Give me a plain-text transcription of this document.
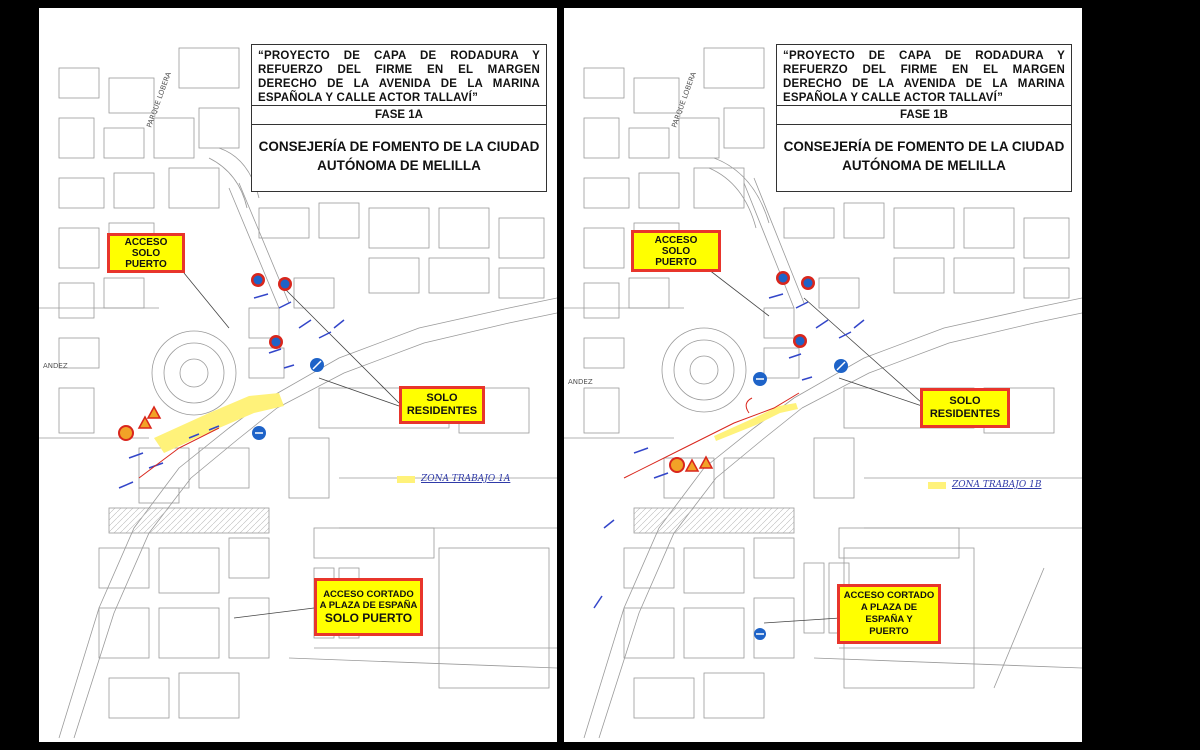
PARQUE LOBERA
ANDEZ
“PROYECTO DE CAPA DE RODADURA Y REFUERZO DEL FIRME EN EL MARGEN DERECHO DE LA AVENIDA DE LA MARINA ESPAÑOLA Y CALLE ACTOR TALLAVÍ”
FASE 1A
CONSEJERÍA DE FOMENTO DE LA CIUDAD AUTÓNOMA DE MELILLA
ACCESO
SOLO
PUERTO
SOLO
RESIDENTES
ACCESO CORTADO
A PLAZA DE ESPAÑA
SOLO PUERTO
ZONA TRABAJO 1A
PARQUE LOBERA
ANDEZ
“PROYECTO DE CAPA DE RODADURA Y REFUERZO DEL FIRME EN EL MARGEN DERECHO DE LA AVENIDA DE LA MARINA ESPAÑOLA Y CALLE ACTOR TALLAVÍ”
FASE 1B
CONSEJERÍA DE FOMENTO DE LA CIUDAD AUTÓNOMA DE MELILLA
ACCESO
SOLO
PUERTO
SOLO
RESIDENTES
ACCESO CORTADO
A PLAZA DE
ESPAÑA Y
PUERTO
ZONA TRABAJO 1B
